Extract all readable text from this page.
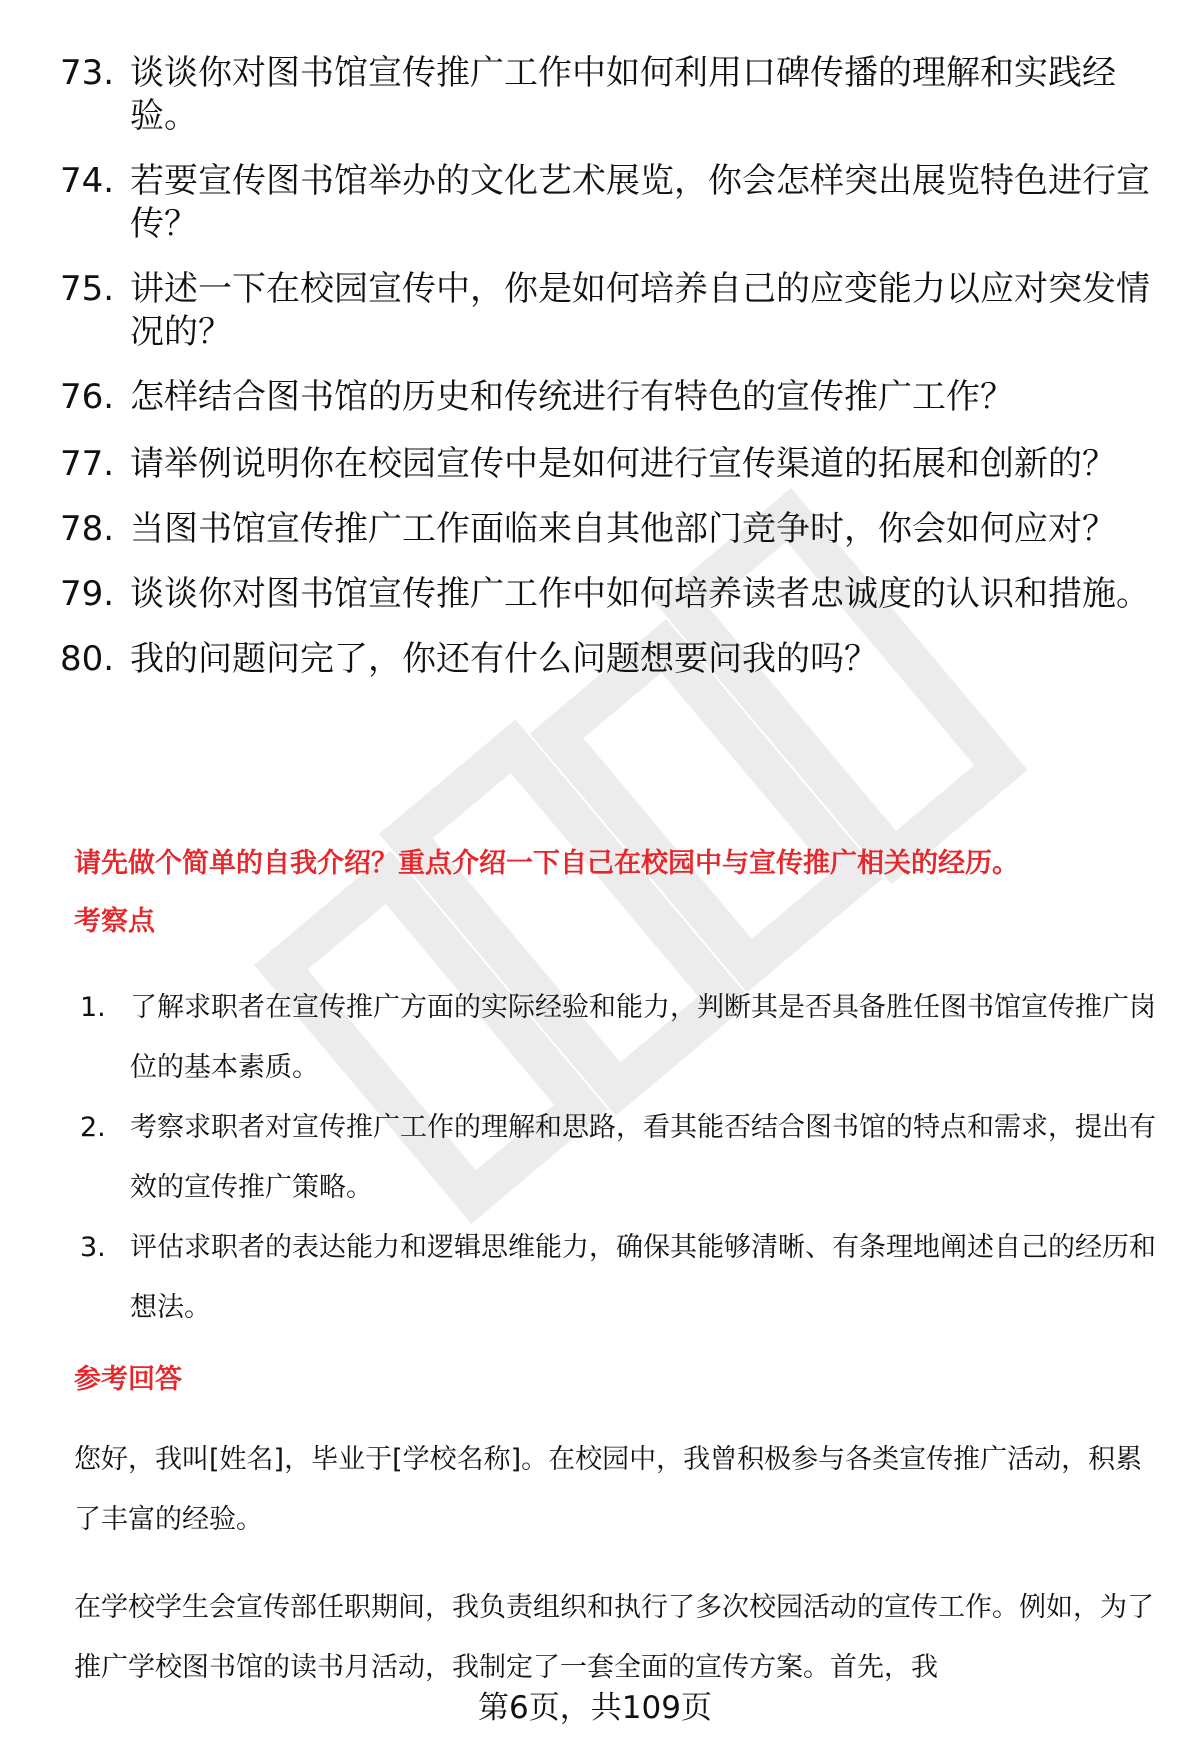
73. 谈谈你对图书馆宣传推广工作中如何利用口碑传播的理解和实践经验。
74. 若要宣传图书馆举办的文化艺术展览，你会怎样突出展览特色进行宣传？
75. 讲述一下在校园宣传中，你是如何培养自己的应变能力以应对突发情况的？
76. 怎样结合图书馆的历史和传统进行有特色的宣传推广工作？
77. 请举例说明你在校园宣传中是如何进行宣传渠道的拓展和创新的？
78. 当图书馆宣传推广工作面临来自其他部门竞争时，你会如何应对？
79. 谈谈你对图书馆宣传推广工作中如何培养读者忠诚度的认识和措施。
80. 我的问题问完了，你还有什么问题想要问我的吗？
请先做个简单的自我介绍？重点介绍一下自己在校园中与宣传推广相关的经历。
考察点
1. 了解求职者在宣传推广方面的实际经验和能力，判断其是否具备胜任图书馆宣传推广岗位的基本素质。
2. 考察求职者对宣传推广工作的理解和思路，看其能否结合图书馆的特点和需求，提出有效的宣传推广策略。
3. 评估求职者的表达能力和逻辑思维能力，确保其能够清晰、有条理地阐述自己的经历和想法。
参考回答

您好，我叫[姓名]，毕业于[学校名称]。在校园中，我曾积极参与各类宣传推广活动，积累了丰富的经验。

在学校学生会宣传部任职期间，我负责组织和执行了多次校园活动的宣传工作。例如，为了推广学校图书馆的读书月活动，我制定了一套全面的宣传方案。首先，我

第6页，共109页
